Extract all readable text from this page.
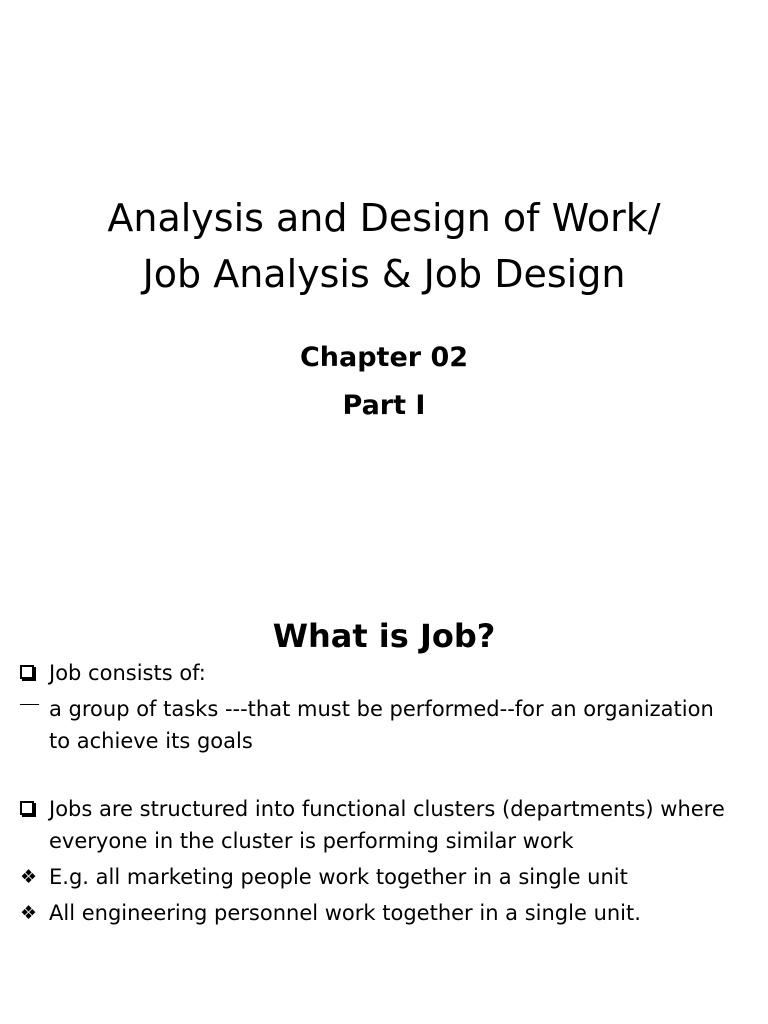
Analysis and Design of Work/
Job Analysis & Job Design
Chapter 02
Part I
What is Job?
Job consists of:
a group of tasks ---that must be performed--for an organization to achieve its goals
Jobs are structured into functional clusters (departments) where everyone in the cluster is performing similar work
❖ E.g. all marketing people work together in a single unit
❖ All engineering personnel work together in a single unit.
